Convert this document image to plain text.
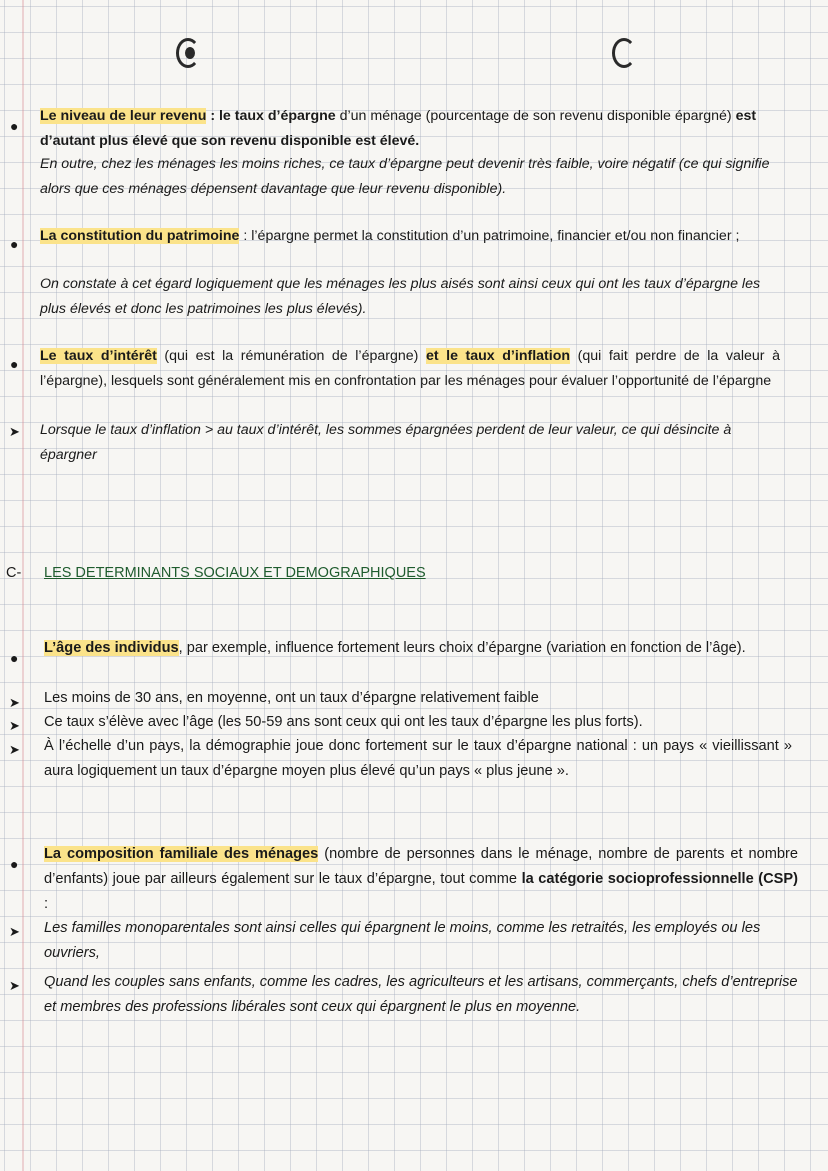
●

Le niveau de leur revenu : le taux d’épargne d’un ménage (pourcentage de son revenu disponible épargné) est d’autant plus élevé que son revenu disponible est élevé.

En outre, chez les ménages les moins riches, ce taux d’épargne peut devenir très faible, voire négatif (ce qui signifie alors que ces ménages dépensent davantage que leur revenu disponible).

● La constitution du patrimoine : l’épargne permet la constitution d’un patrimoine, financier et/ou non financier ;

On constate à cet égard logiquement que les ménages les plus aisés sont ainsi ceux qui ont les taux d’épargne les plus élevés et donc les patrimoines les plus élevés).

● Le taux d’intérêt (qui est la rémunération de l’épargne) et le taux d’inflation (qui fait perdre de la valeur à l’épargne), lesquels sont généralement mis en confrontation par les ménages pour évaluer l’opportunité de l’épargne

➤ Lorsque le taux d’inflation > au taux d’intérêt, les sommes épargnées perdent de leur valeur, ce qui désincite à épargner

C- LES DETERMINANTS SOCIAUX ET DEMOGRAPHIQUES

●

L’âge des individus, par exemple, influence fortement leurs choix d’épargne (variation en fonction de l’âge).

➤ Les moins de 30 ans, en moyenne, ont un taux d’épargne relativement faible

➤ Ce taux s’élève avec l’âge (les 50-59 ans sont ceux qui ont les taux d’épargne les plus forts).

➤ À l’échelle d’un pays, la démographie joue donc fortement sur le taux d’épargne national : un pays « vieillissant » aura logiquement un taux d’épargne moyen plus élevé qu’un pays « plus jeune ».

●

La composition familiale des ménages (nombre de personnes dans le ménage, nombre de parents et nombre d’enfants) joue par ailleurs également sur le taux d’épargne, tout comme la catégorie socioprofessionnelle (CSP) :

➤ Les familles monoparentales sont ainsi celles qui épargnent le moins, comme les retraités, les employés ou les ouvriers,

➤ Quand les couples sans enfants, comme les cadres, les agriculteurs et les artisans, commerçants, chefs d’entreprise et membres des professions libérales sont ceux qui épargnent le plus en moyenne.
